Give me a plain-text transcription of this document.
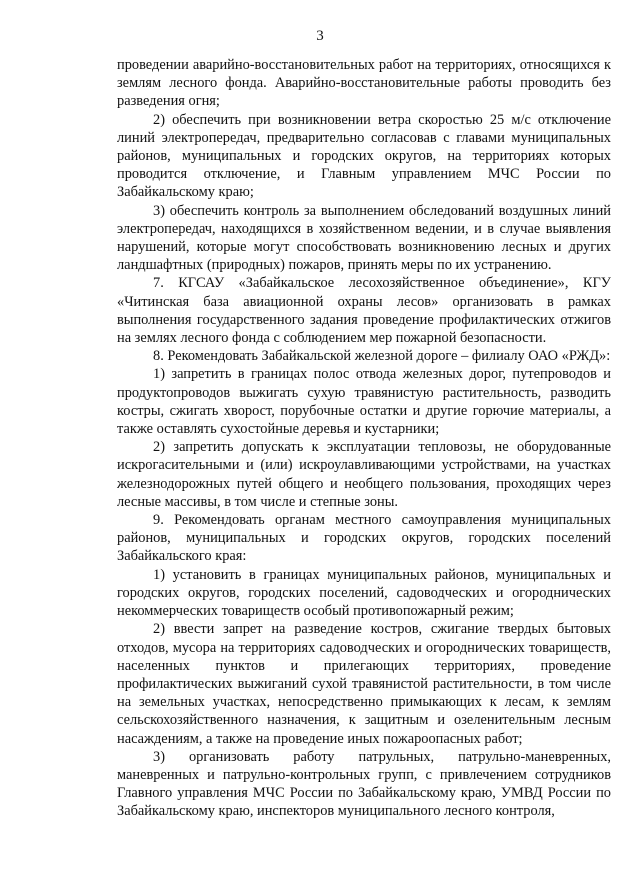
3

проведении аварийно-восстановительных работ на территориях, относящихся к землям лесного фонда. Аварийно-восстановительные работы проводить без разведения огня;

2) обеспечить при возникновении ветра скоростью 25 м/с отключение линий электропередач, предварительно согласовав с главами муниципальных районов, муниципальных и городских округов, на территориях которых проводится отключение, и Главным управлением МЧС России по Забайкальскому краю;

3) обеспечить контроль за выполнением обследований воздушных линий электропередач, находящихся в хозяйственном ведении, и в случае выявления нарушений, которые могут способствовать возникновению лесных и других ландшафтных (природных) пожаров, принять меры по их устранению.

7. КГСАУ «Забайкальское лесохозяйственное объединение», КГУ «Читинская база авиационной охраны лесов» организовать в рамках выполнения государственного задания проведение профилактических отжигов на землях лесного фонда с соблюдением мер пожарной безопасности.

8. Рекомендовать Забайкальской железной дороге – филиалу ОАО «РЖД»:

1) запретить в границах полос отвода железных дорог, путепроводов и продуктопроводов выжигать сухую травянистую растительность, разводить костры, сжигать хворост, порубочные остатки и другие горючие материалы, а также оставлять сухостойные деревья и кустарники;

2) запретить допускать к эксплуатации тепловозы, не оборудованные искрогасительными и (или) искроулавливающими устройствами, на участках железнодорожных путей общего и необщего пользования, проходящих через лесные массивы, в том числе и степные зоны.

9. Рекомендовать органам местного самоуправления муниципальных районов, муниципальных и городских округов, городских поселений Забайкальского края:

1) установить в границах муниципальных районов, муниципальных и городских округов, городских поселений, садоводческих и огороднических некоммерческих товариществ особый противопожарный режим;

2) ввести запрет на разведение костров, сжигание твердых бытовых отходов, мусора на территориях садоводческих и огороднических товариществ, населенных пунктов и прилегающих территориях, проведение профилактических выжиганий сухой травянистой растительности, в том числе на земельных участках, непосредственно примыкающих к лесам, к землям сельскохозяйственного назначения, к защитным и озеленительным лесным насаждениям, а также на проведение иных пожароопасных работ;

3) организовать работу патрульных, патрульно-маневренных, маневренных и патрульно-контрольных групп, с привлечением сотрудников Главного управления МЧС России по Забайкальскому краю, УМВД России по Забайкальскому краю, инспекторов муниципального лесного контроля,
